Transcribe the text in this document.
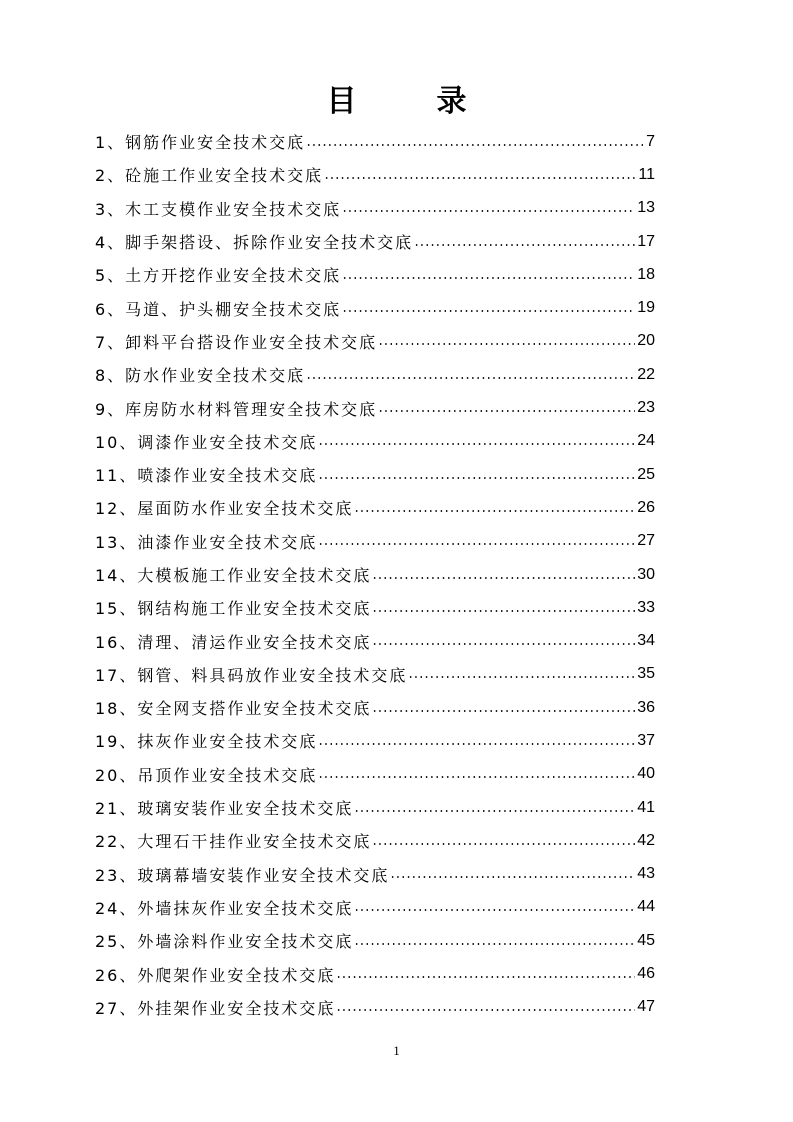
目	录
1、钢筋作业安全技术交底	7
2、砼施工作业安全技术交底	11
3、木工支模作业安全技术交底	13
4、脚手架搭设、拆除作业安全技术交底	17
5、土方开挖作业安全技术交底	18
6、马道、护头棚安全技术交底	19
7、卸料平台搭设作业安全技术交底	20
8、防水作业安全技术交底	22
9、库房防水材料管理安全技术交底	23
10、调漆作业安全技术交底	24
11、喷漆作业安全技术交底	25
12、屋面防水作业安全技术交底	26
13、油漆作业安全技术交底	27
14、大模板施工作业安全技术交底	30
15、钢结构施工作业安全技术交底	33
16、清理、清运作业安全技术交底	34
17、钢管、料具码放作业安全技术交底	35
18、安全网支搭作业安全技术交底	36
19、抹灰作业安全技术交底	37
20、吊顶作业安全技术交底	40
21、玻璃安装作业安全技术交底	41
22、大理石干挂作业安全技术交底	42
23、玻璃幕墙安装作业安全技术交底	43
24、外墙抹灰作业安全技术交底	44
25、外墙涂料作业安全技术交底	45
26、外爬架作业安全技术交底	46
27、外挂架作业安全技术交底	47
1
